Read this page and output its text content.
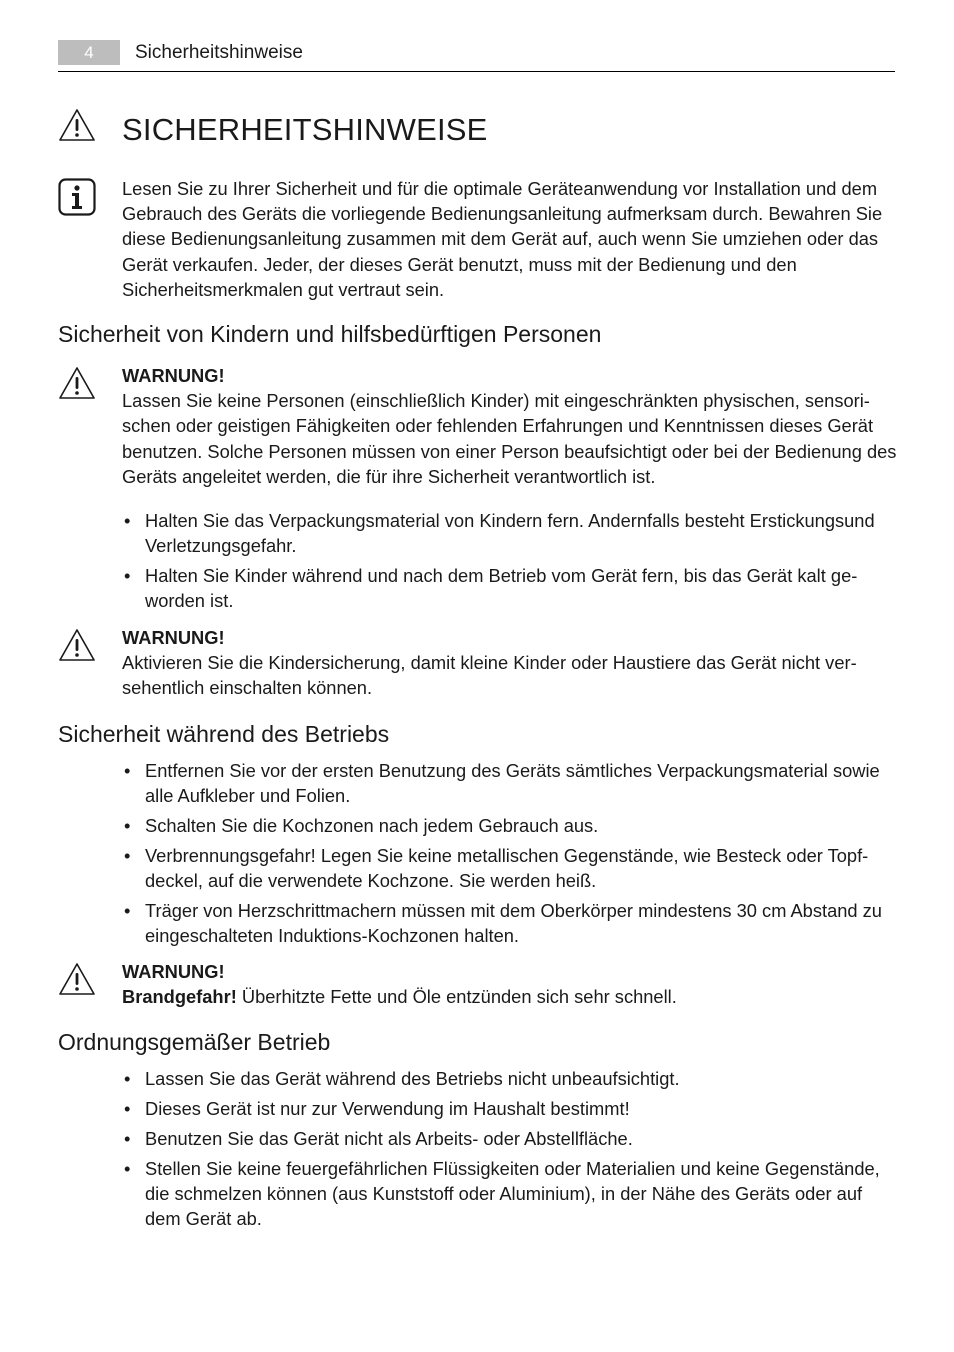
4	Sicherheitshinweise
SICHERHEITSHINWEISE

Lesen Sie zu Ihrer Sicherheit und für die optimale Geräteanwendung vor Installation und dem Gebrauch des Geräts die vorliegende Bedienungsanleitung aufmerksam durch. Bewahren Sie diese Bedienungsanleitung zusammen mit dem Gerät auf, auch wenn Sie umziehen oder das Gerät verkaufen. Jeder, der dieses Gerät benutzt, muss mit der Bedienung und den Sicherheitsmerkmalen gut vertraut sein.

Sicherheit von Kindern und hilfsbedürftigen Personen
WARNUNG!
Lassen Sie keine Personen (einschließlich Kinder) mit eingeschränkten physischen, sensorischen oder geistigen Fähigkeiten oder fehlenden Erfahrungen und Kenntnissen dieses Gerät benutzen. Solche Personen müssen von einer Person beaufsichtigt oder bei der Bedienung des Geräts angeleitet werden, die für ihre Sicherheit verantwortlich ist.
• Halten Sie das Verpackungsmaterial von Kindern fern. Andernfalls besteht Erstickungsund Verletzungsgefahr.
• Halten Sie Kinder während und nach dem Betrieb vom Gerät fern, bis das Gerät kalt geworden ist.
WARNUNG!
Aktivieren Sie die Kindersicherung, damit kleine Kinder oder Haustiere das Gerät nicht versehentlich einschalten können.
Sicherheit während des Betriebs
• Entfernen Sie vor der ersten Benutzung des Geräts sämtliches Verpackungsmaterial sowie alle Aufkleber und Folien.
• Schalten Sie die Kochzonen nach jedem Gebrauch aus.
• Verbrennungsgefahr! Legen Sie keine metallischen Gegenstände, wie Besteck oder Topfdeckel, auf die verwendete Kochzone. Sie werden heiß.
• Träger von Herzschrittmachern müssen mit dem Oberkörper mindestens 30 cm Abstand zu eingeschalteten Induktions-Kochzonen halten.
WARNUNG!
Brandgefahr! Überhitzte Fette und Öle entzünden sich sehr schnell.
Ordnungsgemäßer Betrieb
• Lassen Sie das Gerät während des Betriebs nicht unbeaufsichtigt.
• Dieses Gerät ist nur zur Verwendung im Haushalt bestimmt!
• Benutzen Sie das Gerät nicht als Arbeits- oder Abstellfläche.
• Stellen Sie keine feuergefährlichen Flüssigkeiten oder Materialien und keine Gegenstände, die schmelzen können (aus Kunststoff oder Aluminium), in der Nähe des Geräts oder auf dem Gerät ab.
